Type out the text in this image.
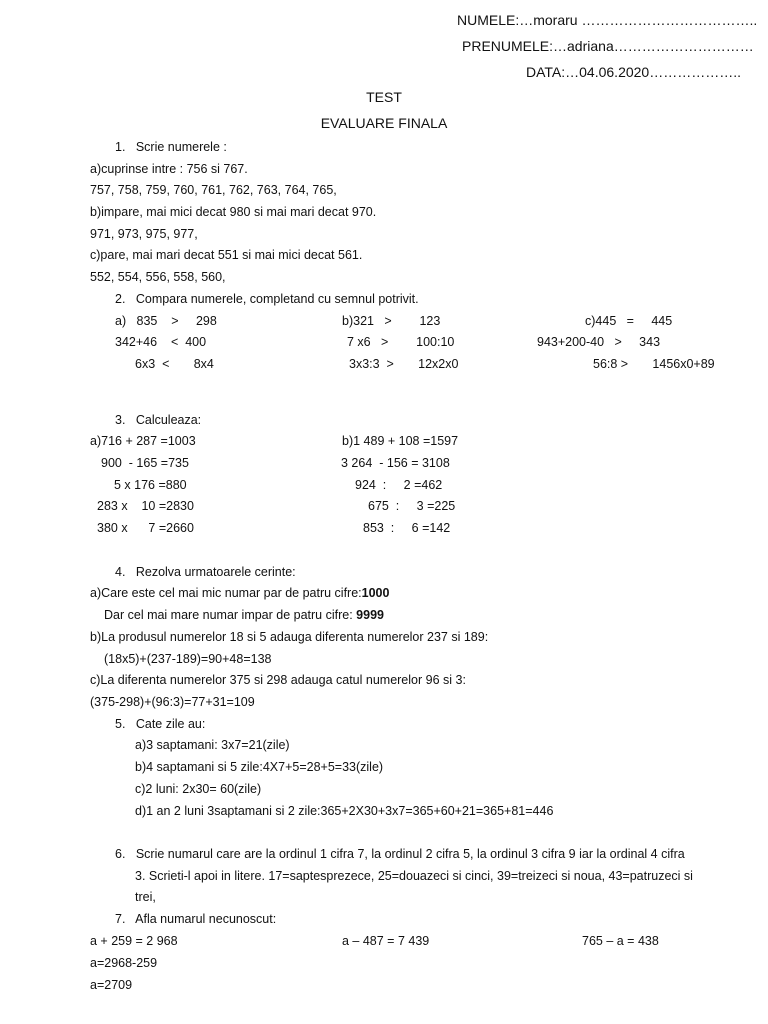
NUMELE:…moraru ………………………………..
PRENUMELE:…adriana…………………………
DATA:…04.06.2020………………..
TEST
EVALUARE FINALA
1.   Scrie numerele :
a)cuprinse intre : 756 si 767.
757, 758, 759, 760, 761, 762, 763, 764, 765,
b)impare, mai mici decat 980 si mai mari decat 970.
971, 973, 975, 977,
c)pare, mai mari decat 551 si mai mici decat 561.
552, 554, 556, 558, 560,
2.   Compara numerele, completand cu semnul potrivit.
a)   835    >     298
342+46    <  400
6x3  <       8x4
b)321   >        123
7 x6   >        100:10
3x3:3  >       12x2x0
c)445   =     445
943+200-40   >     343
56:8 >       1456x0+89
3.   Calculeaza:
a)716 + 287 =1003
900  - 165 =735
5 x 176 =880
283 x    10 =2830
380 x      7 =2660
b)1 489 + 108 =1597
3 264  - 156 = 3108
924  :     2 =462
675  :     3 =225
853  :     6 =142
4.   Rezolva urmatoarele cerinte:
a)Care este cel mai mic numar par de patru cifre:1000
Dar cel mai mare numar impar de patru cifre: 9999
b)La produsul numerelor 18 si 5 adauga diferenta numerelor 237 si 189:
(18x5)+(237-189)=90+48=138
c)La diferenta numerelor 375 si 298 adauga catul numerelor 96 si 3:
(375-298)+(96:3)=77+31=109
5.   Cate zile au:
a)3 saptamani: 3x7=21(zile)
b)4 saptamani si 5 zile:4X7+5=28+5=33(zile)
c)2 luni: 2x30= 60(zile)
d)1 an 2 luni 3saptamani si 2 zile:365+2X30+3x7=365+60+21=365+81=446
6.   Scrie numarul care are la ordinul 1 cifra 7, la ordinul 2 cifra 5, la ordinul 3 cifra 9 iar la ordinal 4 cifra
3. Scrieti-l apoi in litere. 17=saptesprezece, 25=douazeci si cinci, 39=treizeci si noua, 43=patruzeci si
trei,
7.   Afla numarul necunoscut:
a + 259 = 2 968	a – 487 = 7 439	765 – a = 438
a=2968-259
a=2709
